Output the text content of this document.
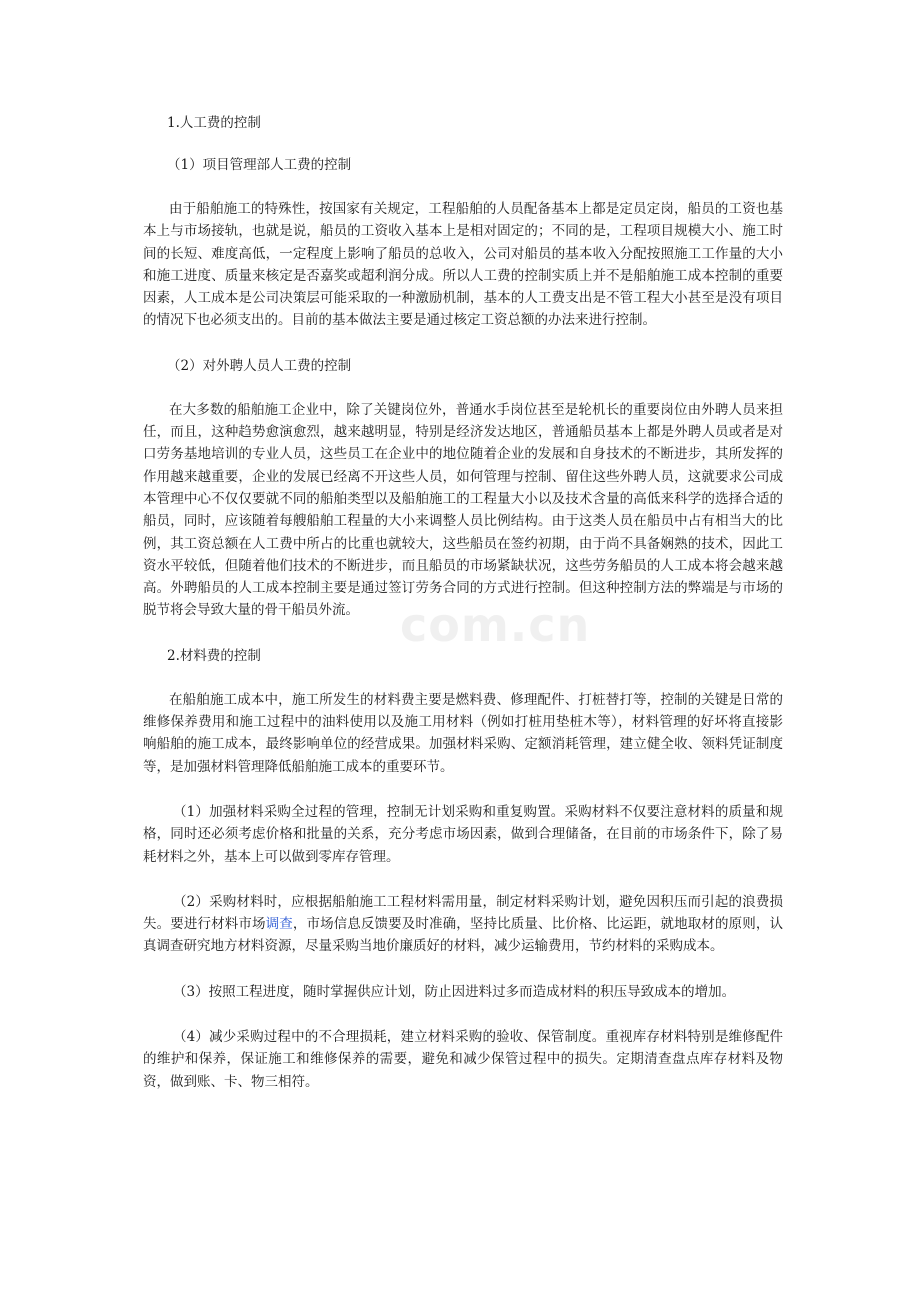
com.cn

1.人工费的控制

（1）项目管理部人工费的控制

由于船舶施工的特殊性，按国家有关规定，工程船舶的人员配备基本上都是定员定岗，船员的工资也基本上与市场接轨，也就是说，船员的工资收入基本上是相对固定的；不同的是，工程项目规模大小、施工时间的长短、难度高低，一定程度上影响了船员的总收入，公司对船员的基本收入分配按照施工工作量的大小和施工进度、质量来核定是否嘉奖或超利润分成。所以人工费的控制实质上并不是船舶施工成本控制的重要因素，人工成本是公司决策层可能采取的一种激励机制，基本的人工费支出是不管工程大小甚至是没有项目的情况下也必须支出的。目前的基本做法主要是通过核定工资总额的办法来进行控制。

（2）对外聘人员人工费的控制

在大多数的船舶施工企业中，除了关键岗位外，普通水手岗位甚至是轮机长的重要岗位由外聘人员来担任，而且，这种趋势愈演愈烈，越来越明显，特别是经济发达地区，普通船员基本上都是外聘人员或者是对口劳务基地培训的专业人员，这些员工在企业中的地位随着企业的发展和自身技术的不断进步，其所发挥的作用越来越重要，企业的发展已经离不开这些人员，如何管理与控制、留住这些外聘人员，这就要求公司成本管理中心不仅仅要就不同的船舶类型以及船舶施工的工程量大小以及技术含量的高低来科学的选择合适的船员，同时，应该随着每艘船舶工程量的大小来调整人员比例结构。由于这类人员在船员中占有相当大的比例，其工资总额在人工费中所占的比重也就较大，这些船员在签约初期，由于尚不具备娴熟的技术，因此工资水平较低，但随着他们技术的不断进步，而且船员的市场紧缺状况，这些劳务船员的人工成本将会越来越高。外聘船员的人工成本控制主要是通过签订劳务合同的方式进行控制。但这种控制方法的弊端是与市场的脱节将会导致大量的骨干船员外流。

2.材料费的控制

在船舶施工成本中，施工所发生的材料费主要是燃料费、修理配件、打桩替打等，控制的关键是日常的维修保养费用和施工过程中的油料使用以及施工用材料（例如打桩用垫桩木等），材料管理的好坏将直接影响船舶的施工成本，最终影响单位的经营成果。加强材料采购、定额消耗管理，建立健全收、领料凭证制度等，是加强材料管理降低船舶施工成本的重要环节。

（1）加强材料采购全过程的管理，控制无计划采购和重复购置。采购材料不仅要注意材料的质量和规格，同时还必须考虑价格和批量的关系，充分考虑市场因素，做到合理储备，在目前的市场条件下，除了易耗材料之外，基本上可以做到零库存管理。

（2）采购材料时，应根据船舶施工工程材料需用量，制定材料采购计划，避免因积压而引起的浪费损失。要进行材料市场调查，市场信息反馈要及时准确，坚持比质量、比价格、比运距，就地取材的原则，认真调查研究地方材料资源，尽量采购当地价廉质好的材料，减少运输费用，节约材料的采购成本。

（3）按照工程进度，随时掌握供应计划，防止因进料过多而造成材料的积压导致成本的增加。

（4）减少采购过程中的不合理损耗，建立材料采购的验收、保管制度。重视库存材料特别是维修配件的维护和保养，保证施工和维修保养的需要，避免和减少保管过程中的损失。定期清查盘点库存材料及物资，做到账、卡、物三相符。
